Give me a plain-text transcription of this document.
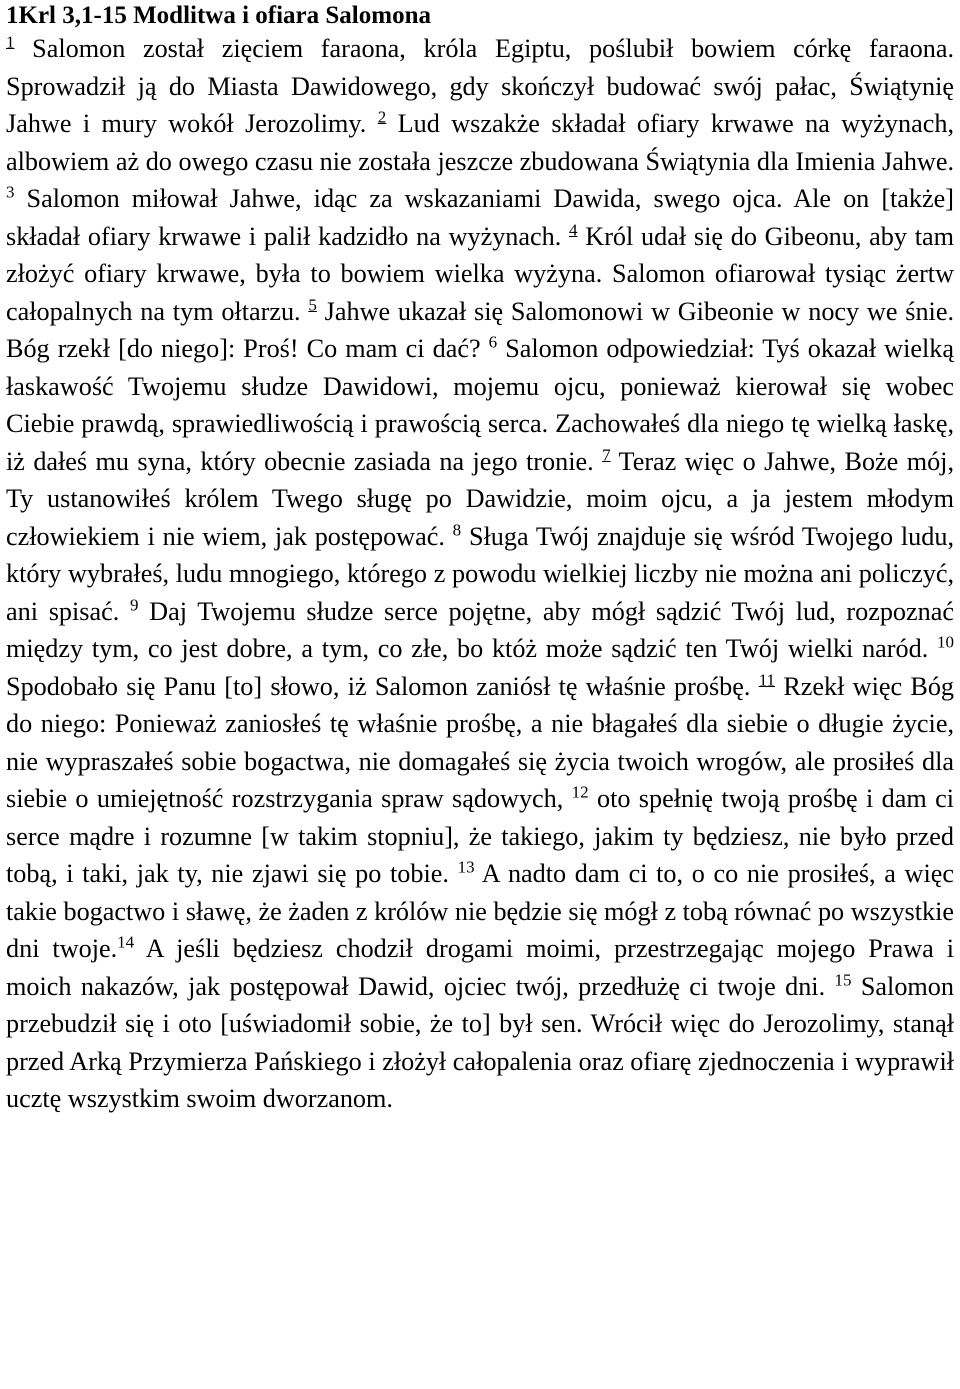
1Krl 3,1-15 Modlitwa i ofiara Salomona

$^1$ Salomon został zięciem faraona, króla Egiptu, poślubił bowiem córkę faraona. Sprowadził ją do Miasta Dawidowego, gdy skończył budować swój pałac, Świątynię Jahwe i mury wokół Jerozolimy. $^2$ Lud wszakże składał ofiary krwawe na wyżynach, albowiem aż do owego czasu nie została jeszcze zbudowana Świątynia dla Imienia Jahwe. $^3$ Salomon miłował Jahwe, idąc za wskazaniami Dawida, swego ojca. Ale on [także] składał ofiary krwawe i palił kadzidło na wyżynach. $^4$ Król udał się do Gibeonu, aby tam złożyć ofiary krwawe, była to bowiem wielka wyżyna. Salomon ofiarował tysiąc żertw całopalnych na tym ołtarzu. $^5$ Jahwe ukazał się Salomonowi w Gibeonie w nocy we śnie. Bóg rzekł [do niego]: Proś! Co mam ci dać? $^6$ Salomon odpowiedział: Tyś okazał wielką łaskawość Twojemu słudze Dawidowi, mojemu ojcu, ponieważ kierował się wobec Ciebie prawdą, sprawiedliwością i prawością serca. Zachowałeś dla niego tę wielką łaskę, iż dałeś mu syna, który obecnie zasiada na jego tronie. $^7$ Teraz więc o Jahwe, Boże mój, Ty ustanowiłeś królem Twego sługę po Dawidzie, moim ojcu, a ja jestem młodym człowiekiem i nie wiem, jak postępować. $^8$ Sługa Twój znajduje się wśród Twojego ludu, który wybrałeś, ludu mnogiego, którego z powodu wielkiej liczby nie można ani policzyć, ani spisać. $^9$ Daj Twojemu słudze serce pojętne, aby mógł sądzić Twój lud, rozpoznać między tym, co jest dobre, a tym, co złe, bo któż może sądzić ten Twój wielki naród. $^{10}$ Spodobało się Panu [to] słowo, iż Salomon zaniósł tę właśnie prośbę. $^{11}$ Rzekł więc Bóg do niego: Ponieważ zaniosłeś tę właśnie prośbę, a nie błagałeś dla siebie o długie życie, nie wypraszałeś sobie bogactwa, nie domagałeś się życia twoich wrogów, ale prosiłeś dla siebie o umiejętność rozstrzygania spraw sądowych, $^{12}$ oto spełnię twoją prośbę i dam ci serce mądre i rozumne [w takim stopniu], że takiego, jakim ty będziesz, nie było przed tobą, i taki, jak ty, nie zjawi się po tobie. $^{13}$ A nadto dam ci to, o co nie prosiłeś, a więc takie bogactwo i sławę, że żaden z królów nie będzie się mógł z tobą równać po wszystkie dni twoje.$^{14}$ A jeśli będziesz chodził drogami moimi, przestrzegając mojego Prawa i moich nakazów, jak postępował Dawid, ojciec twój, przedłużę ci twoje dni. $^{15}$ Salomon przebudził się i oto [uświadomił sobie, że to] był sen. Wrócił więc do Jerozolimy, stanął przed Arką Przymierza Pańskiego i złożył całopalenia oraz ofiarę zjednoczenia i wyprawił ucztę wszystkim swoim dworzanom.
